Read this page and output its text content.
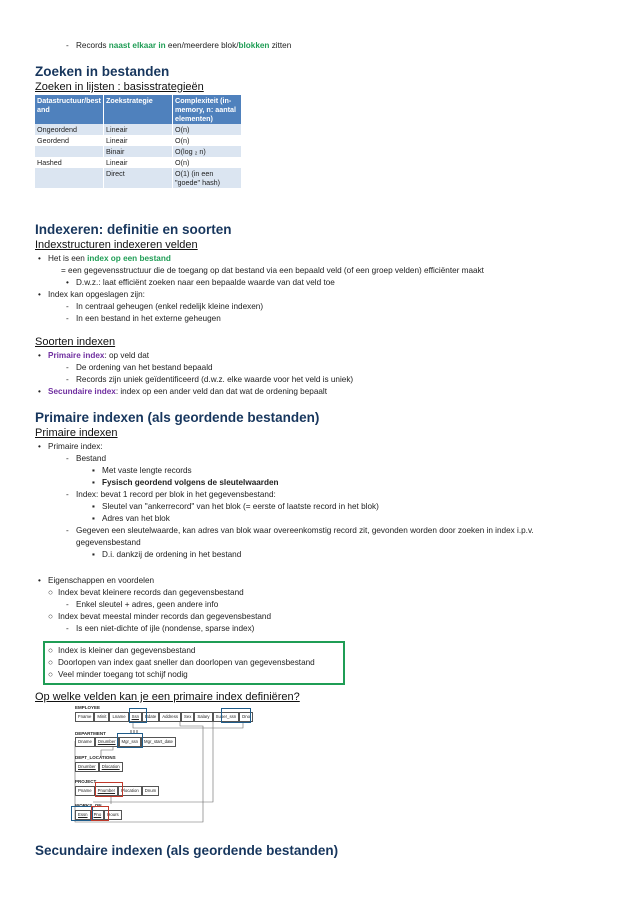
- Records naast elkaar in een/meerdere blok/blokken zitten
Zoeken in bestanden
Zoeken in lijsten : basisstrategieën
Datastructuur/best and	Zoekstrategie	Complexiteit (in-memory, n: aantal elementen)
Ongeordend	Lineair	O(n)
Geordend	Lineair	O(n)
	Binair	O(log ₂ n)
Hashed	Lineair	O(n)
	Direct	O(1) (in een "goede" hash)

Indexeren: definitie en soorten
Indexstructuren indexeren velden
• Het is een index op een bestand
= een gegevensstructuur die de toegang op dat bestand via een bepaald veld (of een groep velden) efficiënter maakt
• D.w.z.: laat efficiënt zoeken naar een bepaalde waarde van dat veld toe
• Index kan opgeslagen zijn:
- In centraal geheugen (enkel redelijk kleine indexen)
- In een bestand in het externe geheugen
Soorten indexen
• Primaire index: op veld dat
- De ordening van het bestand bepaald
- Records zijn uniek geïdentificeerd (d.w.z. elke waarde voor het veld is uniek)
• Secundaire index: index op een ander veld dan dat wat de ordening bepaalt
Primaire indexen (als geordende bestanden)
Primaire indexen
• Primaire index:
- Bestand
▪ Met vaste lengte records
▪ Fysisch geordend volgens de sleutelwaarden
- Index: bevat 1 record per blok in het gegevensbestand:
▪ Sleutel van "ankerrecord" van het blok (= eerste of laatste record in het blok)
▪ Adres van het blok
- Gegeven een sleutelwaarde, kan adres van blok waar overeenkomstig record zit, gevonden worden door zoeken in index i.p.v.
gegevensbestand
▪ D.i. dankzij de ordening in het bestand
• Eigenschappen en voordelen
○ Index bevat kleinere records dan gegevensbestand
- Enkel sleutel + adres, geen andere info
○ Index bevat meestal minder records dan gegevensbestand
- Is een niet-dichte of ijle (nondense, sparse index)
○ Index is kleiner dan gegevensbestand
○ Doorlopen van index gaat sneller dan doorlopen van gegevensbestand
○ Veel minder toegang tot schijf nodig
Op welke velden kan je een primaire index definiëren?
EMPLOYEE
Fname	Minit	Lname	Ssn	Bdate	Address	Sex	Salary	Super_ssn	Dno
DEPARTMENT
Dname	Dnumber	Mgr_ssn	Mgr_start_date
DEPT_LOCATIONS
Dnumber	Dlocation
PROJECT
Pname	Pnumber	Plocation	Dnum
WORKS_ON
Essn	Pno	Hours
Secundaire indexen (als geordende bestanden)
